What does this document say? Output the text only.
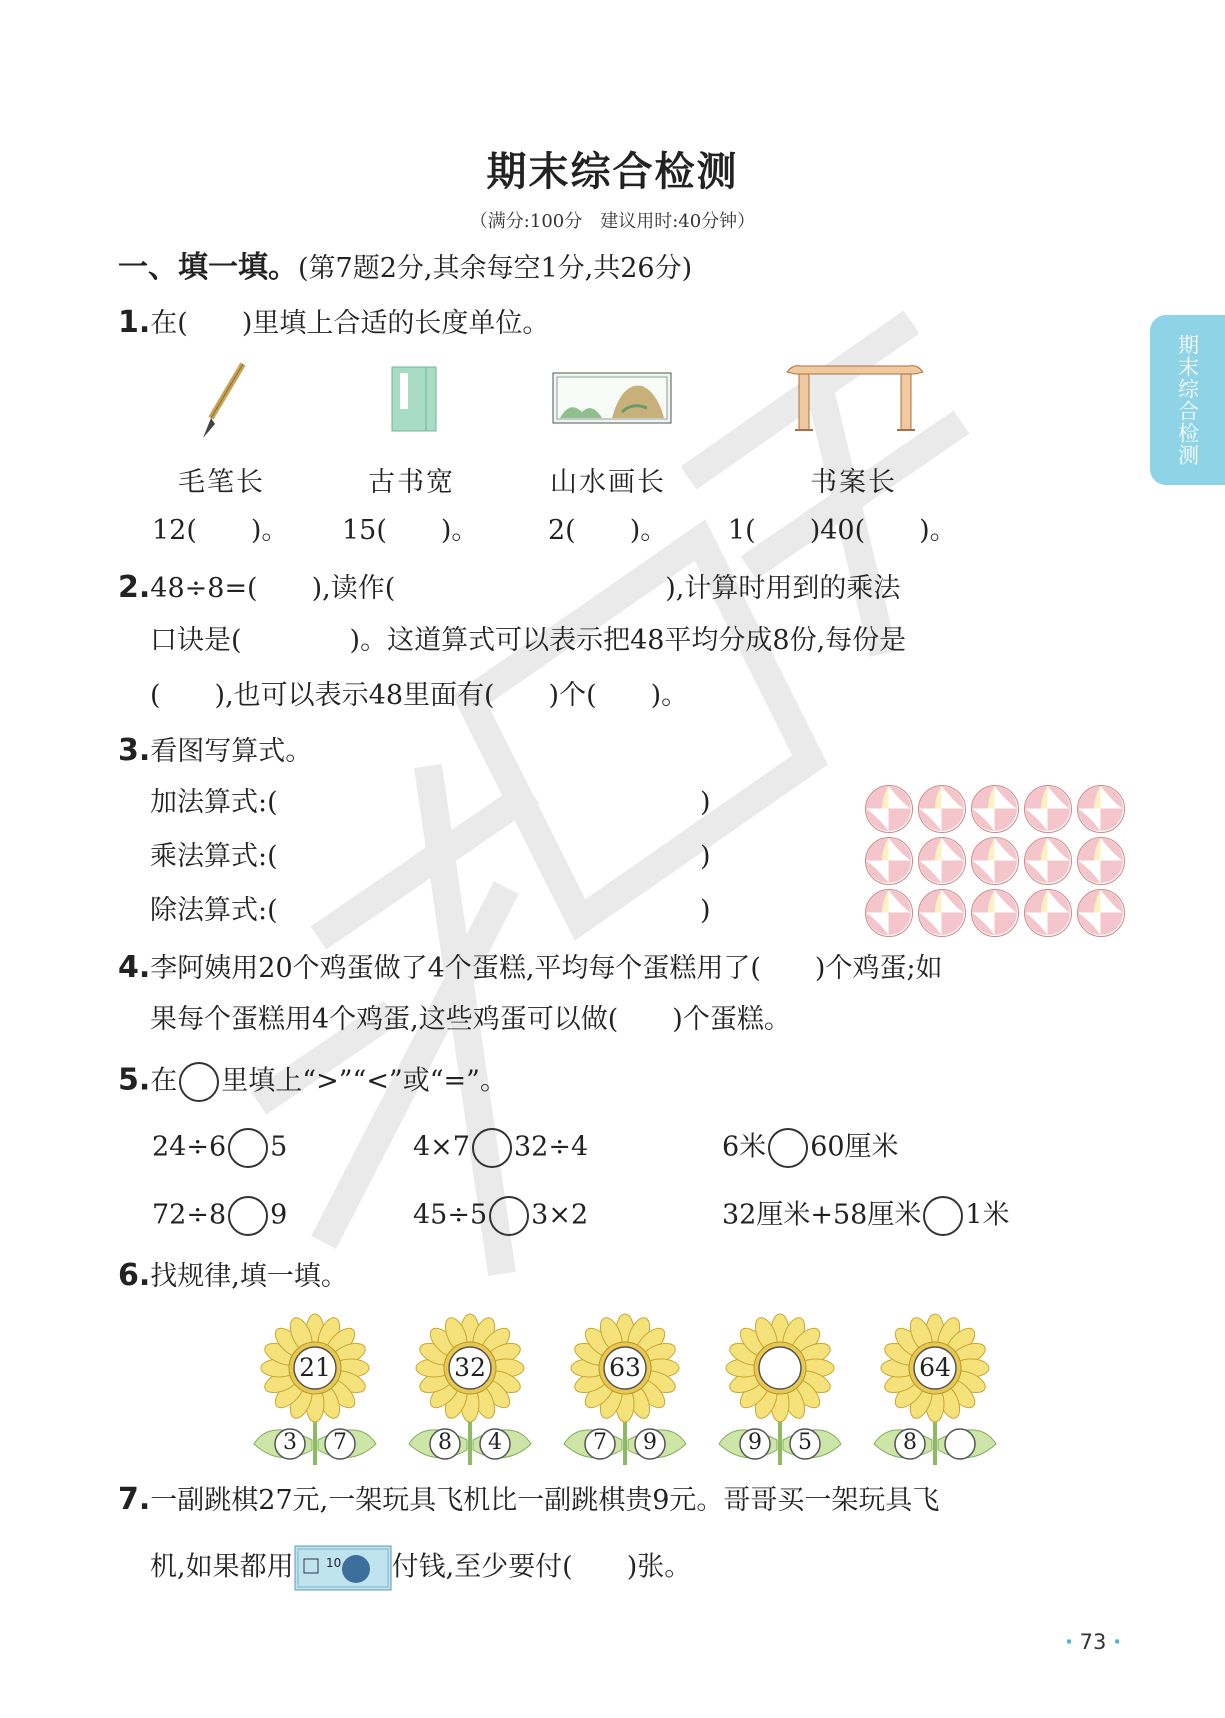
期末综合检测
（满分:100分　建议用时:40分钟）
期末综合检测
一、填一填。(第7题2分,其余每空1分,共26分)
1.在(　　)里填上合适的长度单位。
毛笔长	古书宽	山水画长	书案长
12(　　)。 15(　　)。	2(　　)。 1(　　)40(　　)。
2.48÷8=(　　),读作(　　　　　　　　　　),计算时用到的乘法
口诀是(　　　　)。这道算式可以表示把48平均分成8份,每份是
(　　),也可以表示48里面有(　　)个(　　)。
3.看图写算式。
加法算式:(
乘法算式:(
除法算式:(
)
)
)
4.李阿姨用20个鸡蛋做了4个蛋糕,平均每个蛋糕用了(　　)个鸡蛋;如
果每个蛋糕用4个鸡蛋,这些鸡蛋可以做(　　)个蛋糕。
5.在 里填上“>”“<”或“=”。
24÷6 5	4×7 32÷4	6米 60厘米
72÷8 9	45÷5 3×2	32厘米+58厘米 1米
6.找规律,填一填。
21
3	7
32
8	4
63
7	9	9	5
64
8
7.一副跳棋27元,一架玩具飞机比一副跳棋贵9元。哥哥买一架玩具飞
机,如果都用	10 付钱,至少要付(　　)张。
· 73 ·
